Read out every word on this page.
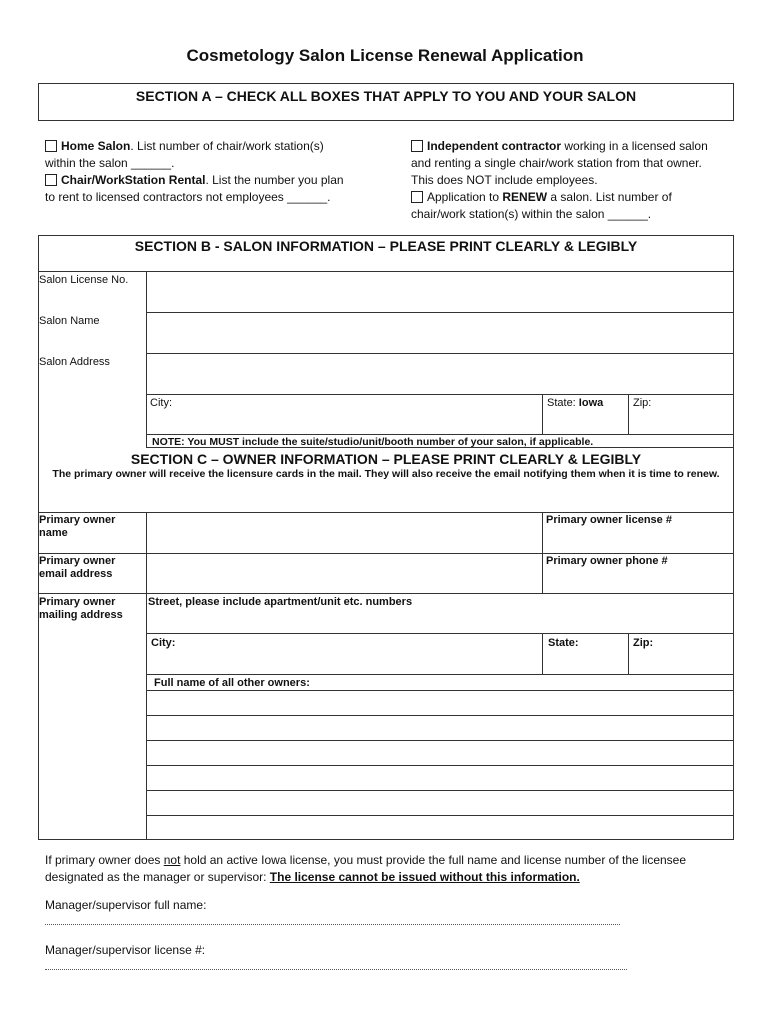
Cosmetology Salon License Renewal Application
SECTION A – CHECK ALL BOXES THAT APPLY TO YOU AND YOUR SALON
Home Salon. List number of chair/work station(s)
within the salon ______.
Chair/WorkStation Rental. List the number you plan
to rent to licensed contractors not employees ______.
Independent contractor working in a licensed salon
and renting a single chair/work station from that owner.
This does NOT include employees.
Application to RENEW a salon. List number of
chair/work station(s) within the salon ______.
SECTION B - SALON INFORMATION – PLEASE PRINT CLEARLY & LEGIBLY
Salon License No.
Salon Name
Salon Address
City:	State: Iowa	Zip:
NOTE: You MUST include the suite/studio/unit/booth number of your salon, if applicable.
SECTION C – OWNER INFORMATION – PLEASE PRINT CLEARLY & LEGIBLY
The primary owner will receive the licensure cards in the mail. They will also receive the email notifying them when it is time to renew.
Primary owner name
Primary owner license #
Primary owner email address
Primary owner phone #
Primary owner mailing address
Street, please include apartment/unit etc. numbers
City:	State:	Zip:
Full name of all other owners:
If primary owner does not hold an active Iowa license, you must provide the full name and license number of the licensee designated as the manager or supervisor: The license cannot be issued without this information.
Manager/supervisor full name:
Manager/supervisor license #:
